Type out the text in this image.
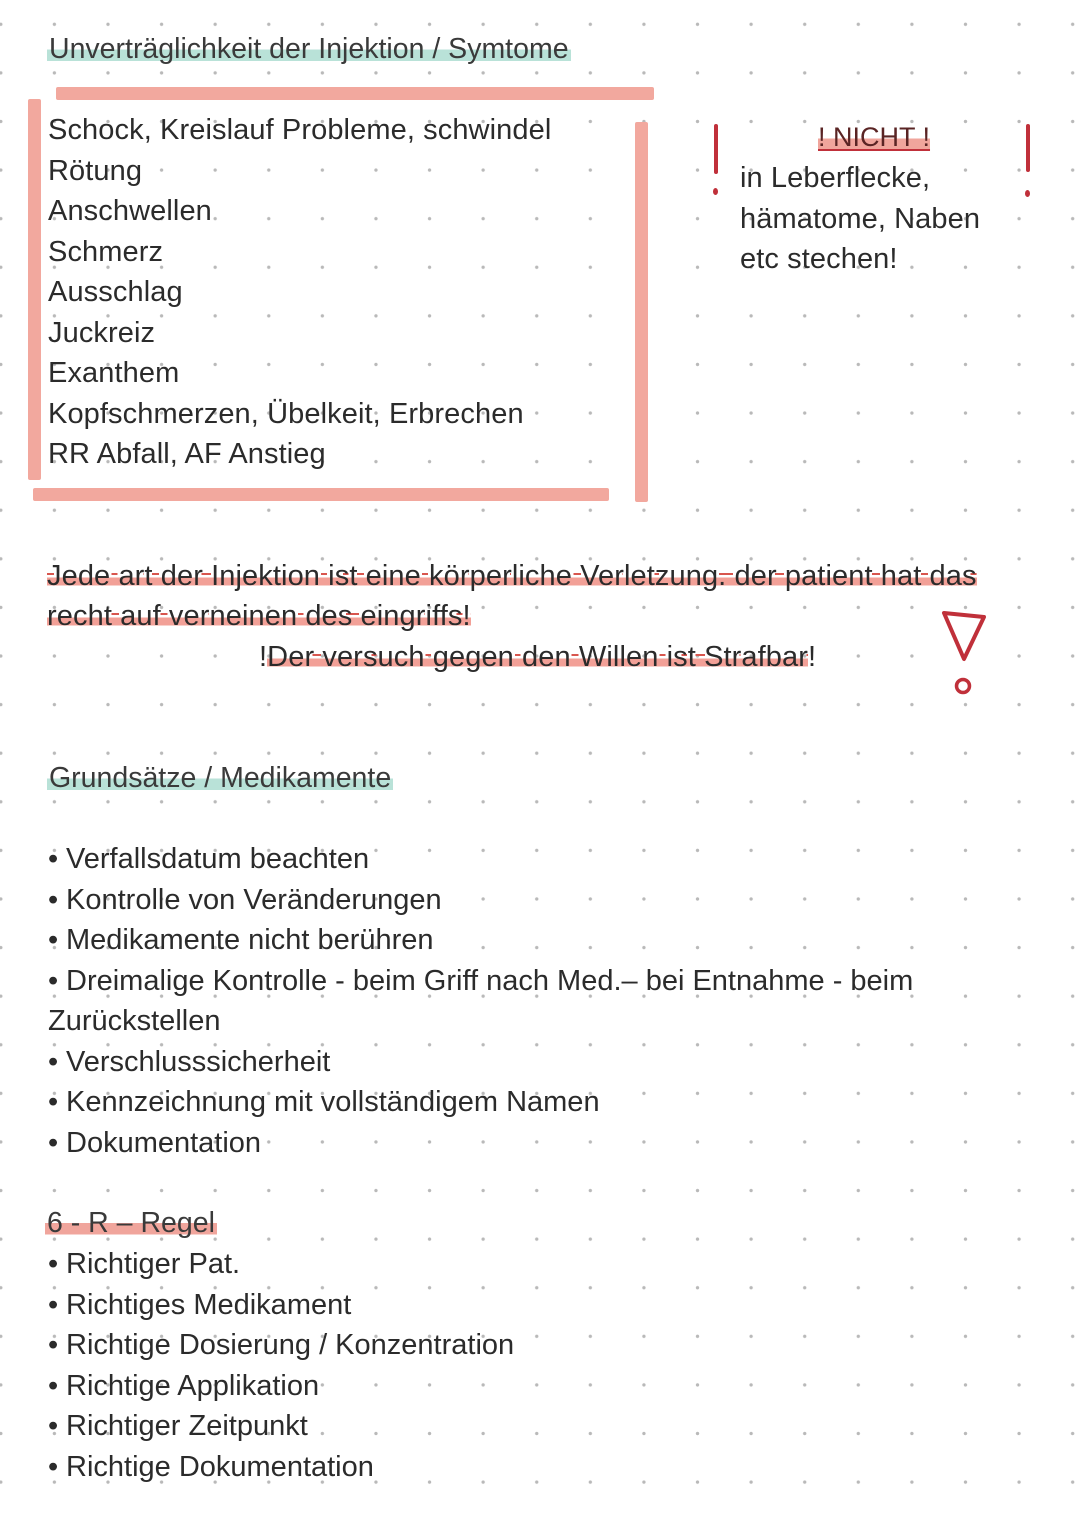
Unverträglichkeit der Injektion / Symtome
Schock, Kreislauf Probleme, schwindel
Rötung
Anschwellen
Schmerz
Ausschlag
Juckreiz
Exanthem
Kopfschmerzen, Übelkeit, Erbrechen
RR Abfall, AF Anstieg
! NICHT !
in Leberflecke,
hämatome, Naben
etc stechen!
Jede art der Injektion ist eine körperliche Verletzung. der patient hat das
recht auf verneinen des eingriffs!
!Der versuch gegen den Willen ist Strafbar!
Grundsätze / Medikamente
• Verfallsdatum beachten
• Kontrolle von Veränderungen
• Medikamente nicht berühren
• Dreimalige Kontrolle - beim Griff nach Med.– bei Entnahme - beim
Zurückstellen
• Verschlusssicherheit
• Kennzeichnung mit vollständigem Namen
• Dokumentation
6 - R – Regel
• Richtiger Pat.
• Richtiges Medikament
• Richtige Dosierung / Konzentration
• Richtige Applikation
• Richtiger Zeitpunkt
• Richtige Dokumentation
